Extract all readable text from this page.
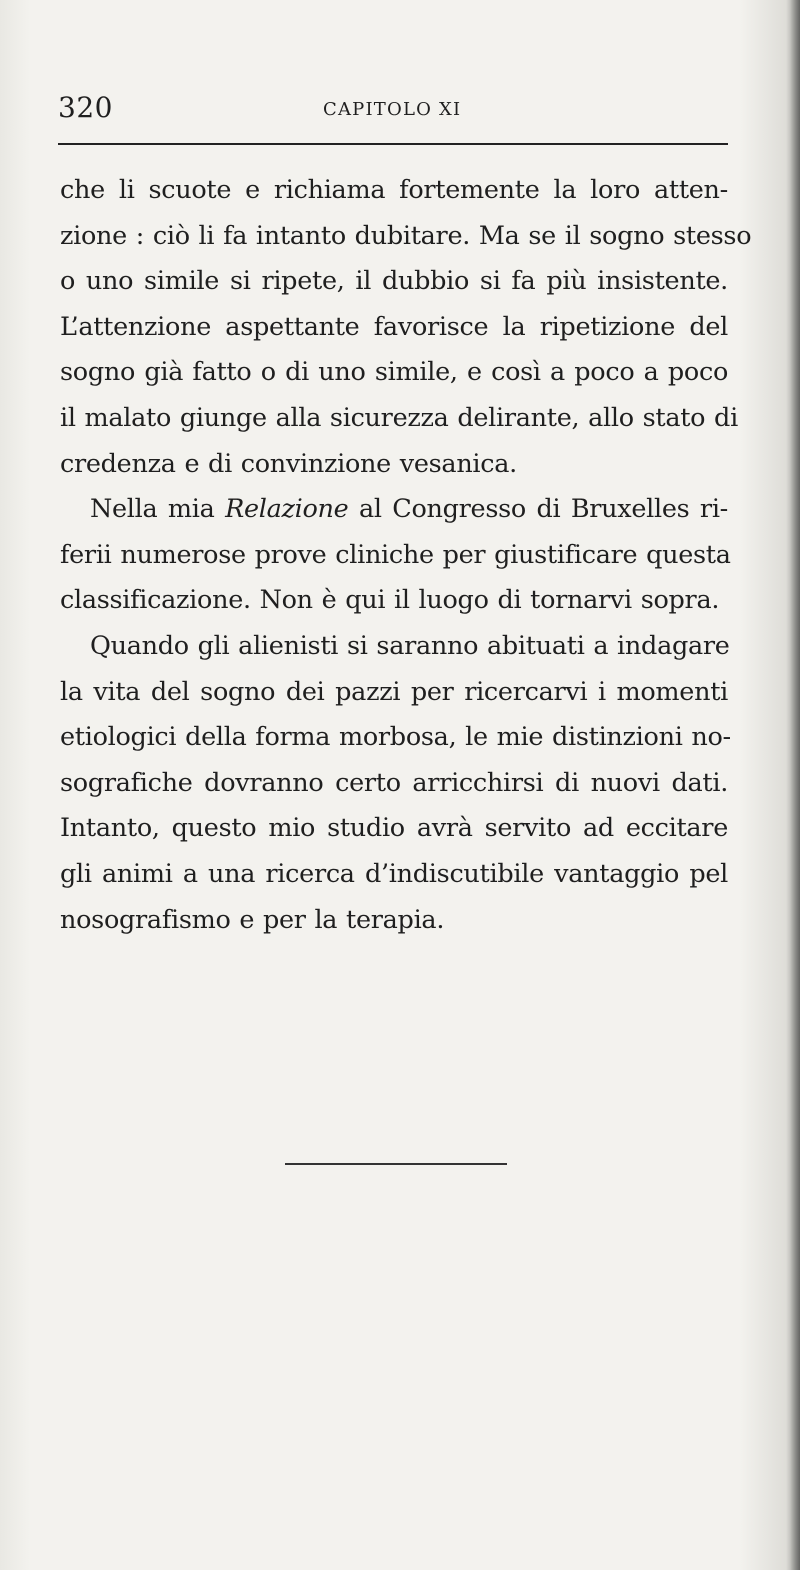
320	CAPITOLO XI
che li scuote e richiama fortemente la loro atten-
zione : ciò li fa intanto dubitare. Ma se il sogno stesso
o uno simile si ripete, il dubbio si fa più insistente.
L’attenzione aspettante favorisce la ripetizione del
sogno già fatto o di uno simile, e così a poco a poco
il malato giunge alla sicurezza delirante, allo stato di
credenza e di convinzione vesanica.
Nella mia Relazione al Congresso di Bruxelles ri-
ferii numerose prove cliniche per giustificare questa
classificazione. Non è qui il luogo di tornarvi sopra.
Quando gli alienisti si saranno abituati a indagare
la vita del sogno dei pazzi per ricercarvi i momenti
etiologici della forma morbosa, le mie distinzioni no-
sografiche dovranno certo arricchirsi di nuovi dati.
Intanto, questo mio studio avrà servito ad eccitare
gli animi a una ricerca d’indiscutibile vantaggio pel
nosografismo e per la terapia.
